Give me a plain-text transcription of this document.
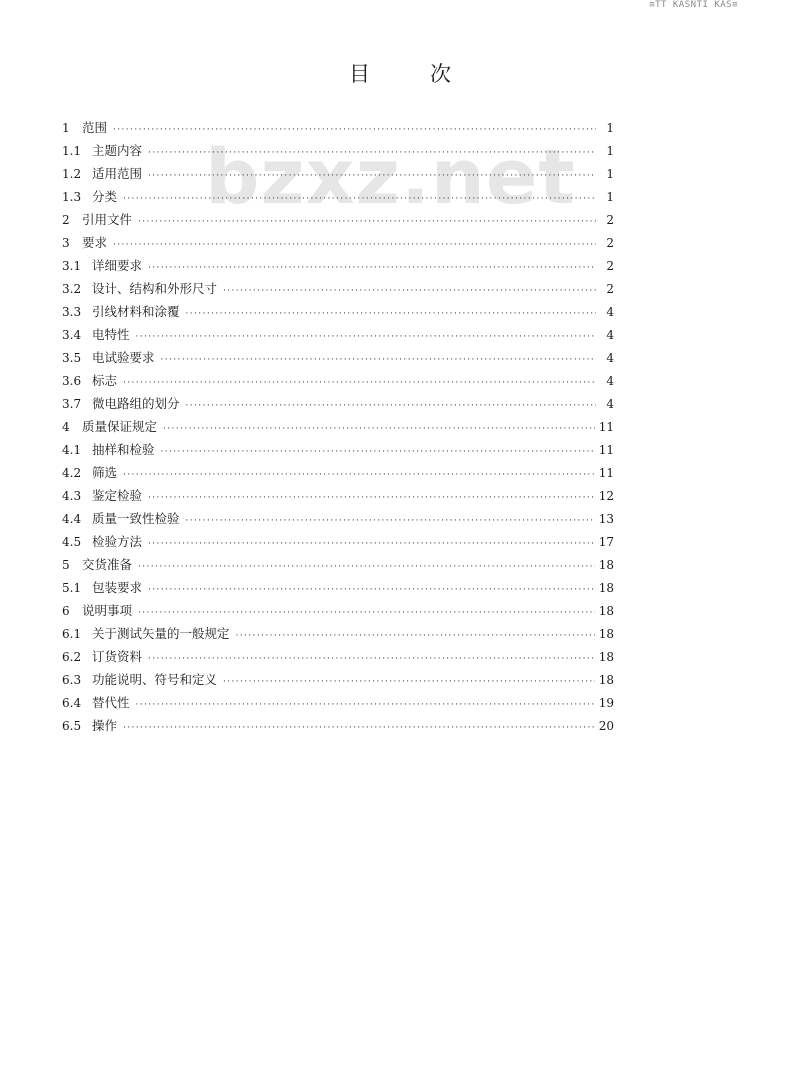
≡TT KASNTI KAS≡
目	次
bzxz.net
1 范围 ·····	1
1.1 主题内容 ·····	1
1.2 适用范围 ·····	1
1.3 分类 ·····	1
2 引用文件 ·····	2
3 要求 ·····	2
3.1 详细要求 ·····	2
3.2 设计、结构和外形尺寸 ·····	2
3.3 引线材料和涂覆 ·····	4
3.4 电特性 ·····	4
3.5 电试验要求 ·····	4
3.6 标志 ·····	4
3.7 微电路组的划分 ·····	4
4 质量保证规定 ·····	11
4.1 抽样和检验 ·····	11
4.2 筛选 ·····	11
4.3 鉴定检验 ·····	12
4.4 质量一致性检验 ·····	13
4.5 检验方法 ·····	17
5 交货准备 ·····	18
5.1 包装要求 ·····	18
6 说明事项 ·····	18
6.1 关于测试矢量的一般规定 ·····	18
6.2 订货资料 ·····	18
6.3 功能说明、符号和定义 ·····	18
6.4 替代性 ·····	19
6.5 操作 ·····	20
